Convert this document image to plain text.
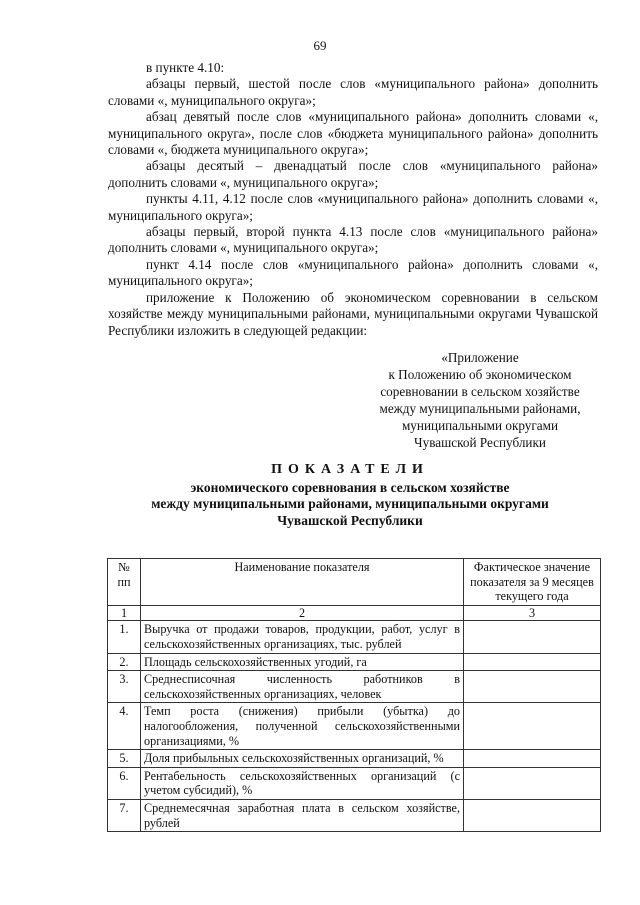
69

в пункте 4.10:

абзацы первый, шестой после слов «муниципального района» дополнить словами «, муниципального округа»;

абзац девятый после слов «муниципального района» дополнить словами «, муниципального округа», после слов «бюджета муниципального района» дополнить словами «, бюджета муниципального округа»;

абзацы десятый – двенадцатый после слов «муниципального района» дополнить словами «, муниципального округа»;

пункты 4.11, 4.12 после слов «муниципального района» дополнить словами «, муниципального округа»;

абзацы первый, второй пункта 4.13 после слов «муниципального района» дополнить словами «, муниципального округа»;

пункт 4.14 после слов «муниципального района» дополнить словами «, муниципального округа»;

приложение к Положению об экономическом соревновании в сельском хозяйстве между муниципальными районами, муниципальными округами Чувашской Республики изложить в следующей редакции:

«Приложение
к Положению об экономическом
соревновании в сельском хозяйстве
между муниципальными районами,
муниципальными округами
Чувашской Республики
ПОКАЗАТЕЛИ
экономического соревнования в сельском хозяйстве
между муниципальными районами, муниципальными округами
Чувашской Республики
№ пп	Наименование показателя	Фактическое значение показателя за 9 месяцев текущего года
1	2	3
1.	Выручка от продажи товаров, продукции, работ, услуг в сельскохозяйственных организациях, тыс. рублей	
2.	Площадь сельскохозяйственных угодий, га	
3.	Среднесписочная численность работников в сельскохозяйственных организациях, человек	
4.	Темп роста (снижения) прибыли (убытка) до налогообложения, полученной сельскохозяйственными организациями, %	
5.	Доля прибыльных сельскохозяйственных организаций, %	
6.	Рентабельность сельскохозяйственных организаций (с учетом субсидий), %	
7.	Среднемесячная заработная плата в сельском хозяйстве, рублей	
